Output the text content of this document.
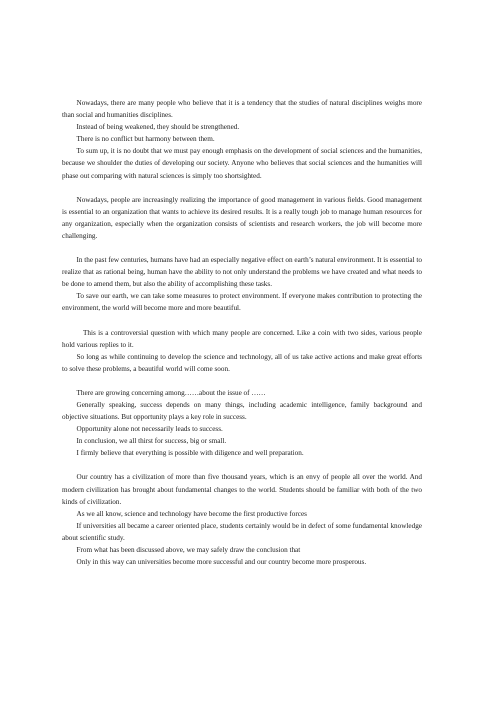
Nowadays, there are many people who believe that it is a tendency that the studies of natural disciplines weighs more than social and humanities disciplines.

Instead of being weakened, they should be strengthened.

There is no conflict but harmony between them.

To sum up, it is no doubt that we must pay enough emphasis on the development of social sciences and the humanities, because we shoulder the duties of developing our society. Anyone who believes that social sciences and the humanities will phase out comparing with natural sciences is simply too shortsighted.

Nowadays, people are increasingly realizing the importance of good management in various fields. Good management is essential to an organization that wants to achieve its desired results. It is a really tough job to manage human resources for any organization, especially when the organization consists of scientists and research workers, the job will become more challenging.

In the past few centuries, humans have had an especially negative effect on earth’s natural environment. It is essential to realize that as rational being, human have the ability to not only understand the problems we have created and what needs to be done to amend them, but also the ability of accomplishing these tasks.

To save our earth, we can take some measures to protect environment. If everyone makes contribution to protecting the environment, the world will become more and more beautiful.

This is a controversial question with which many people are concerned. Like a coin with two sides, various people hold various replies to it.

So long as while continuing to develop the science and technology, all of us take active actions and make great efforts to solve these problems, a beautiful world will come soon.

There are growing concerning among……about the issue of ……

Generally speaking, success depends on many things, including academic intelligence, family background and objective situations. But opportunity plays a key role in success.

Opportunity alone not necessarily leads to success.

In conclusion, we all thirst for success, big or small.

I firmly believe that everything is possible with diligence and well preparation.

Our country has a civilization of more than five thousand years, which is an envy of people all over the world. And modern civilization has brought about fundamental changes to the world. Students should be familiar with both of the two kinds of civilization.

As we all know, science and technology have become the first productive forces

If universities all became a career oriented place, students certainly would be in defect of some fundamental knowledge about scientific study.

From what has been discussed above, we may safely draw the conclusion that

Only in this way can universities become more successful and our country become more prosperous.
